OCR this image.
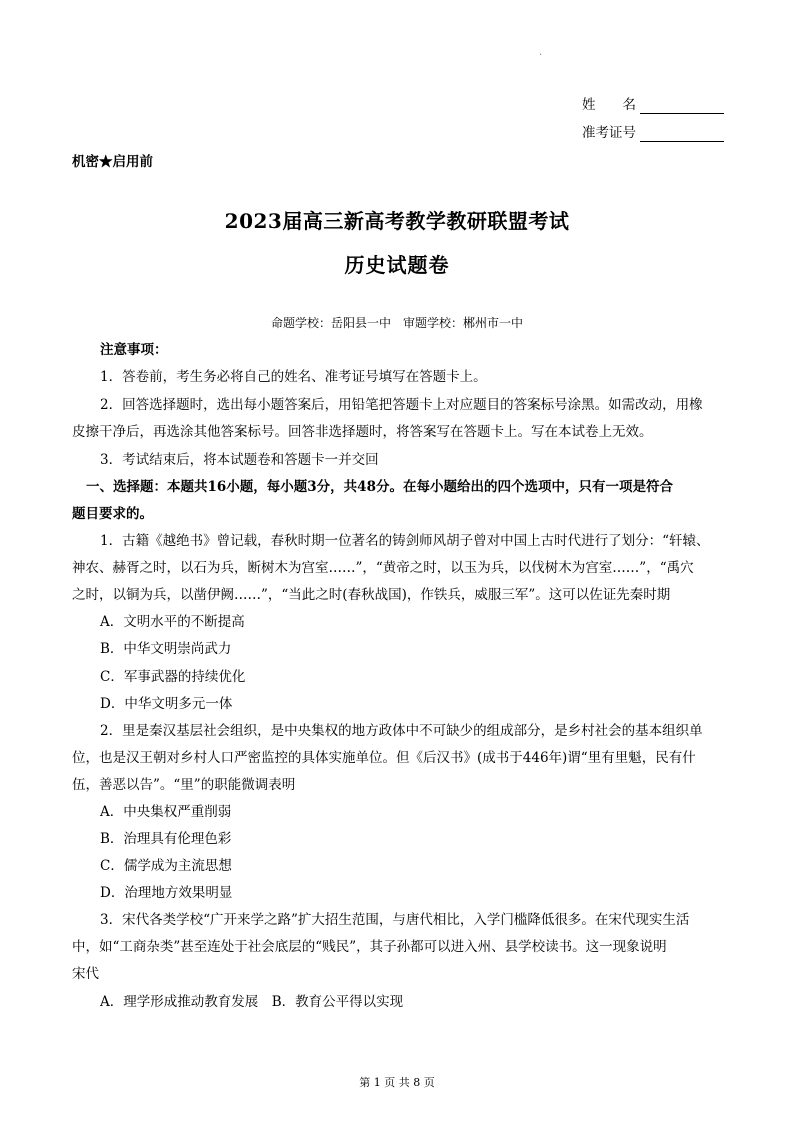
·
姓　　名
准考证号
机密★启用前
2023届高三新高考教学教研联盟考试
历史试题卷
命题学校：岳阳县一中　审题学校：郴州市一中
注意事项：
1．答卷前，考生务必将自己的姓名、准考证号填写在答题卡上。
2．回答选择题时，选出每小题答案后，用铅笔把答题卡上对应题目的答案标号涂黑。如需改动，用橡
皮擦干净后，再选涂其他答案标号。回答非选择题时，将答案写在答题卡上。写在本试卷上无效。
3．考试结束后，将本试题卷和答题卡一并交回
一、选择题：本题共16小题，每小题3分，共48分。在每小题给出的四个选项中，只有一项是符合
题目要求的。
1．古籍《越绝书》曾记载，春秋时期一位著名的铸剑师风胡子曾对中国上古时代进行了划分：“轩辕、
神农、赫胥之时，以石为兵，断树木为宫室……”，“黄帝之时，以玉为兵，以伐树木为宫室……”，“禹穴
之时，以铜为兵，以凿伊阙……”，“当此之时(春秋战国)，作铁兵，威服三军”。这可以佐证先秦时期
A．文明水平的不断提高
B．中华文明崇尚武力
C．军事武器的持续优化
D．中华文明多元一体
2．里是秦汉基层社会组织，是中央集权的地方政体中不可缺少的组成部分，是乡村社会的基本组织单
位，也是汉王朝对乡村人口严密监控的具体实施单位。但《后汉书》(成书于446年)谓“里有里魁，民有什
伍，善恶以告”。“里”的职能微调表明
A．中央集权严重削弱
B．治理具有伦理色彩
C．儒学成为主流思想
D．治理地方效果明显
3．宋代各类学校“广开来学之路”扩大招生范围，与唐代相比，入学门槛降低很多。在宋代现实生活
中，如“工商杂类”甚至连处于社会底层的“贱民”，其子孙都可以进入州、县学校读书。这一现象说明
宋代
A．理学形成推动教育发展　B．教育公平得以实现
第 1 页 共 8 页
